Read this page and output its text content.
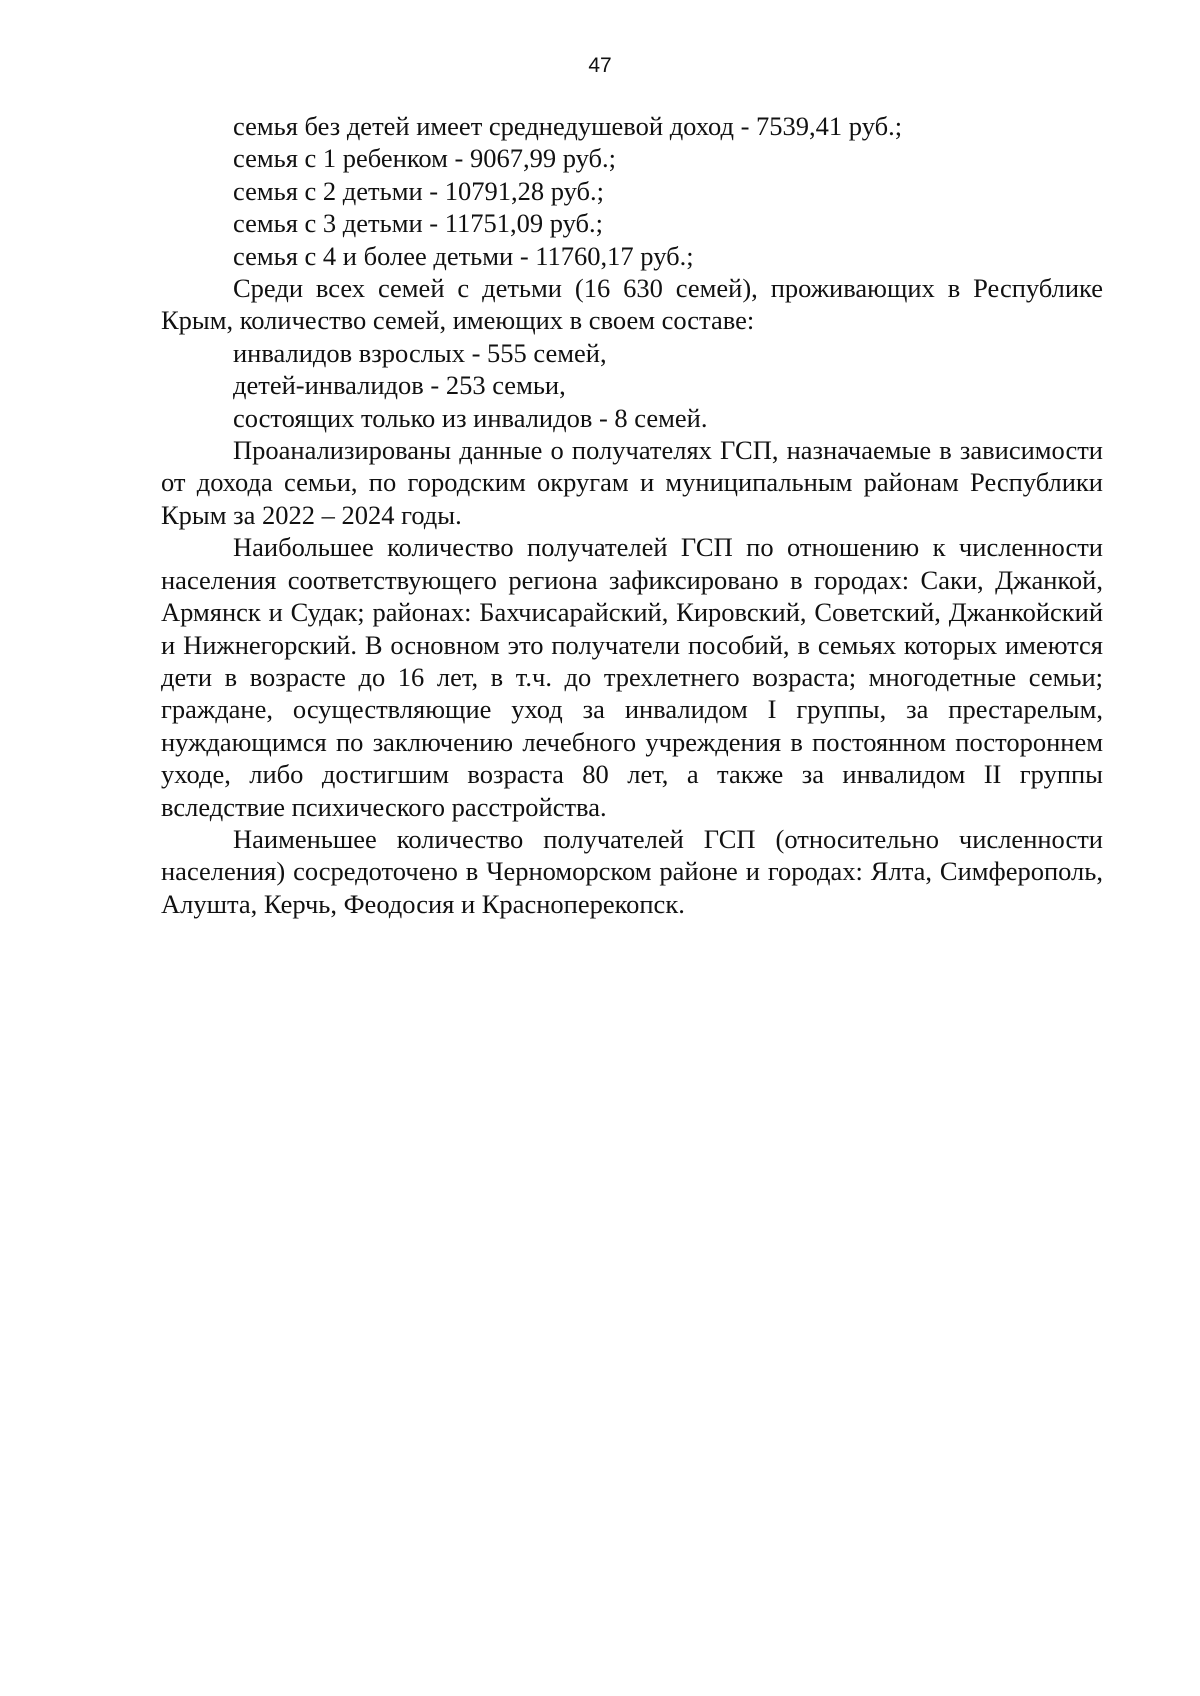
47

семья без детей имеет среднедушевой доход - 7539,41 руб.;

семья с 1 ребенком - 9067,99 руб.;

семья с 2 детьми - 10791,28 руб.;

семья с 3 детьми - 11751,09 руб.;

семья с 4 и более детьми - 11760,17 руб.;

Среди всех семей с детьми (16 630 семей), проживающих в Республике Крым, количество семей, имеющих в своем составе:

инвалидов взрослых - 555 семей,

детей-инвалидов - 253 семьи,

состоящих только из инвалидов - 8 семей.

Проанализированы данные о получателях ГСП, назначаемые в зависимости от дохода семьи, по городским округам и муниципальным районам Республики Крым за 2022 – 2024 годы.

Наибольшее количество получателей ГСП по отношению к численности населения соответствующего региона зафиксировано в городах: Саки, Джанкой, Армянск и Судак; районах: Бахчисарайский, Кировский, Советский, Джанкойский и Нижнегорский. В основном это получатели пособий, в семьях которых имеются дети в возрасте до 16 лет, в т.ч. до трехлетнего возраста; многодетные семьи; граждане, осуществляющие уход за инвалидом I группы, за престарелым, нуждающимся по заключению лечебного учреждения в постоянном постороннем уходе, либо достигшим возраста 80 лет, а также за инвалидом II группы вследствие психического расстройства.

Наименьшее количество получателей ГСП (относительно численности населения) сосредоточено в Черноморском районе и городах: Ялта, Симферополь, Алушта, Керчь, Феодосия и Красноперекопск.
